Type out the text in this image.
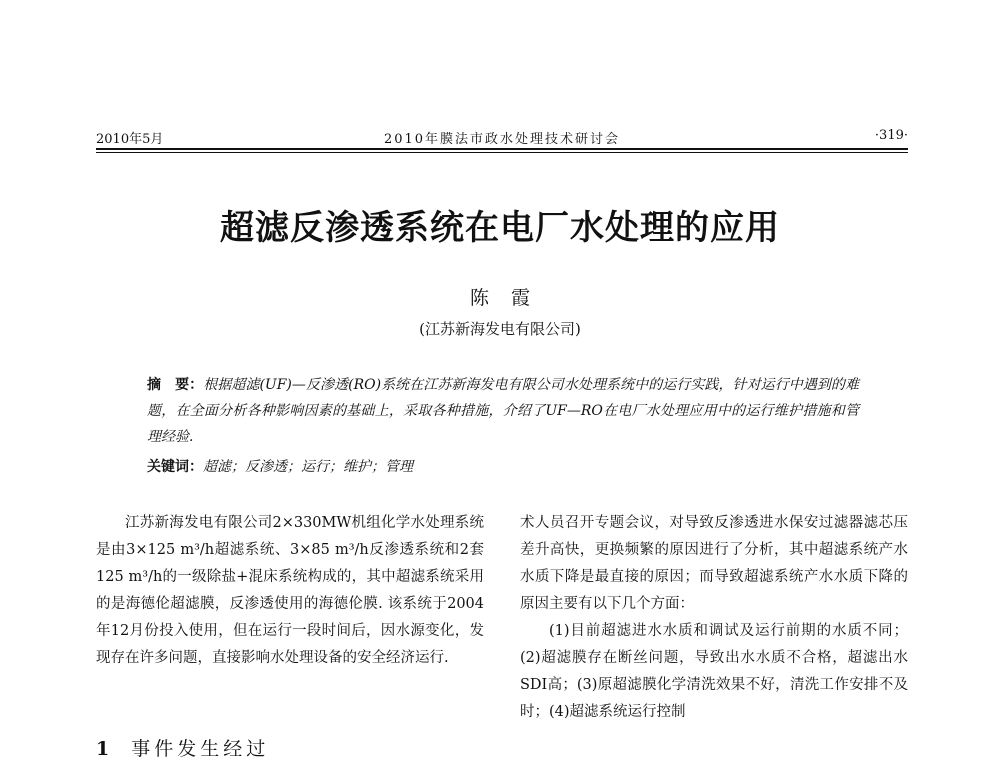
2010年5月	2010年膜法市政水处理技术研讨会	·319·
超滤反渗透系统在电厂水处理的应用
陈霞
(江苏新海发电有限公司)
摘　要：根据超滤(UF)—反渗透(RO)系统在江苏新海发电有限公司水处理系统中的运行实践，针对运行中遇到的难题，在全面分析各种影响因素的基础上，采取各种措施，介绍了UF—RO在电厂水处理应用中的运行维护措施和管理经验.
关键词：超滤；反渗透；运行；维护；管理

江苏新海发电有限公司2×330MW机组化学水处理系统是由3×125 m³/h超滤系统、3×85 m³/h反渗透系统和2套125 m³/h的一级除盐+混床系统构成的，其中超滤系统采用的是海德伦超滤膜，反渗透使用的海德伦膜. 该系统于2004年12月份投入使用，但在运行一段时间后，因水源变化，发现存在许多问题，直接影响水处理设备的安全经济运行.

术人员召开专题会议，对导致反渗透进水保安过滤器滤芯压差升高快，更换频繁的原因进行了分析，其中超滤系统产水水质下降是最直接的原因；而导致超滤系统产水水质下降的原因主要有以下几个方面：

(1)目前超滤进水水质和调试及运行前期的水质不同；(2)超滤膜存在断丝问题，导致出水水质不合格，超滤出水SDI高；(3)原超滤膜化学清洗效果不好，清洗工作安排不及时；(4)超滤系统运行控制

1 事件发生经过
